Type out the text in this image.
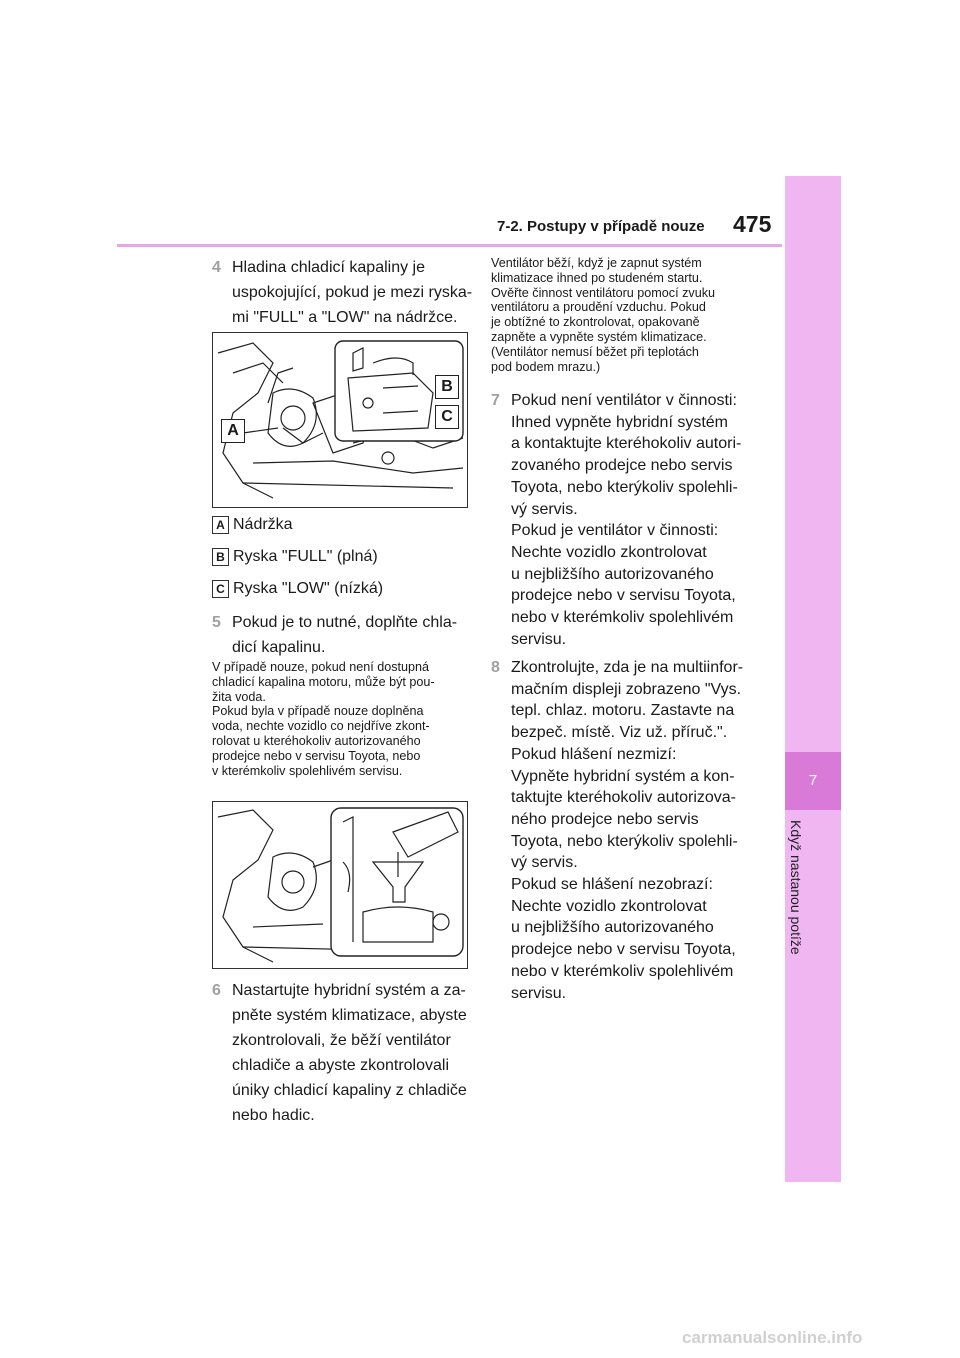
7-2. Postupy v případě nouze 475
7
Když nastanou potíže
4 Hladina chladicí kapaliny je
uspokojující, pokud je mezi ryska-
mi "FULL" a "LOW" na nádržce.
B
C
A
A Nádržka
B Ryska "FULL" (plná)
C Ryska "LOW" (nízká)
5 Pokud je to nutné, doplňte chla-
dicí kapalinu.
V případě nouze, pokud není dostupná
chladicí kapalina motoru, může být pou-
žita voda.
Pokud byla v případě nouze doplněna
voda, nechte vozidlo co nejdříve zkont-
rolovat u kteréhokoliv autorizovaného
prodejce nebo v servisu Toyota, nebo
v kterémkoliv spolehlivém servisu.
6 Nastartujte hybridní systém a za-
pněte systém klimatizace, abyste
zkontrolovali, že běží ventilátor
chladiče a abyste zkontrolovali
úniky chladicí kapaliny z chladiče
nebo hadic.
Ventilátor běží, když je zapnut systém
klimatizace ihned po studeném startu.
Ověřte činnost ventilátoru pomocí zvuku
ventilátoru a proudění vzduchu. Pokud
je obtížné to zkontrolovat, opakovaně
zapněte a vypněte systém klimatizace.
(Ventilátor nemusí běžet při teplotách
pod bodem mrazu.)
7 Pokud není ventilátor v činnosti:
Ihned vypněte hybridní systém
a kontaktujte kteréhokoliv autori-
zovaného prodejce nebo servis
Toyota, nebo kterýkoliv spolehli-
vý servis.
Pokud je ventilátor v činnosti:
Nechte vozidlo zkontrolovat
u nejbližšího autorizovaného
prodejce nebo v servisu Toyota,
nebo v kterémkoliv spolehlivém
servisu.
8 Zkontrolujte, zda je na multiinfor-
mačním displeji zobrazeno "Vys.
tepl. chlaz. motoru. Zastavte na
bezpeč. místě. Viz už. příruč.".
Pokud hlášení nezmizí:
Vypněte hybridní systém a kon-
taktujte kteréhokoliv autorizova-
ného prodejce nebo servis
Toyota, nebo kterýkoliv spolehli-
vý servis.
Pokud se hlášení nezobrazí:
Nechte vozidlo zkontrolovat
u nejbližšího autorizovaného
prodejce nebo v servisu Toyota,
nebo v kterémkoliv spolehlivém
servisu.
carmanualsonline.info
